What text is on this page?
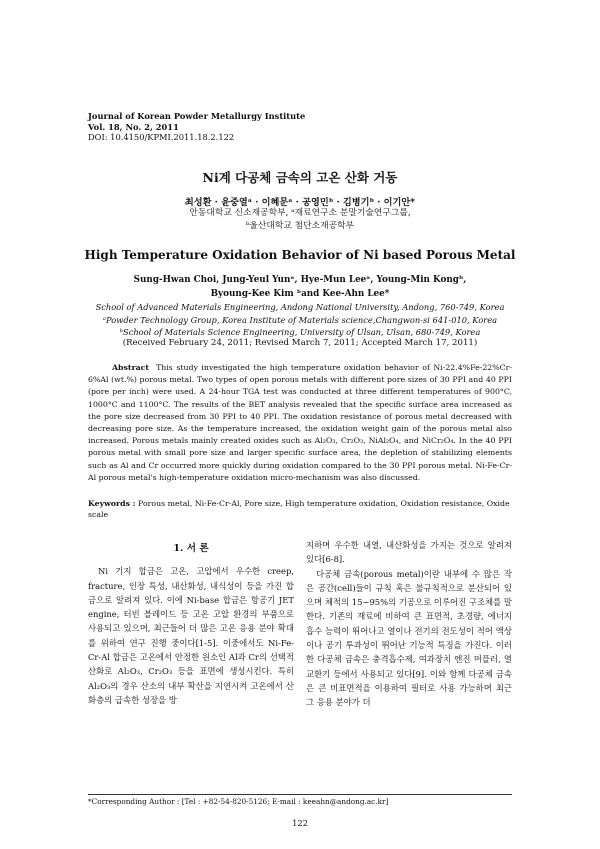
Journal of Korean Powder Metallurgy Institute
Vol. 18, No. 2, 2011
DOI: 10.4150/KPMI.2011.18.2.122
Ni계 다공체 금속의 고온 산화 거동
최성환 · 윤중열ᵃ · 이혜문ᵃ · 공영민ᵇ · 김병기ᵇ · 이기안*
안동대학교 신소재공학부, ᵃ재료연구소 분말기술연구그룹,
ᵇ울산대학교 첨단소재공학부
High Temperature Oxidation Behavior of Ni based Porous Metal
Sung-Hwan Choi, Jung-Yeul Yunᵃ, Hye-Mun Leeᵃ, Young-Min Kongᵇ,
Byoung-Kee Kim ᵇand Kee-Ahn Lee*
School of Advanced Materials Engineering, Andong National University, Andong, 760-749, Korea
ᵃPowder Technology Group, Korea Institute of Materials science,Changwon-si 641-010, Korea
ᵇSchool of Materials Science Engineering, University of Ulsan, Ulsan, 680-749, Korea
(Received February 24, 2011; Revised March 7, 2011; Accepted March 17, 2011)
Abstract This study investigated the high temperature oxidation behavior of Ni-22.4%Fe-22%Cr-6%Al (wt.%) porous metal. Two types of open porous metals with different pore sizes of 30 PPI and 40 PPI (pore per inch) were used. A 24-hour TGA test was conducted at three different temperatures of 900°C, 1000°C and 1100°C. The results of the BET analysis revealed that the specific surface area increased as the pore size decreased from 30 PPI to 40 PPI. The oxidation resistance of porous metal decreased with decreasing pore size. As the temperature increased, the oxidation weight gain of the porous metal also increased. Porous metals mainly created oxides such as Al₂O₃, Cr₂O₃, NiAl₂O₄, and NiCr₂O₄. In the 40 PPI porous metal with small pore size and larger specific surface area, the depletion of stabilizing elements such as Al and Cr occurred more quickly during oxidation compared to the 30 PPI porous metal. Ni-Fe-Cr-Al porous metal's high-temperature oxidation micro-mechanism was also discussed.
Keywords : Porous metal, Ni-Fe-Cr-Al, Pore size, High temperature oxidation, Oxidation resistance, Oxide scale
1. 서 론

Ni 기지 합금은 고온, 고압에서 우수한 creep, fracture, 인장 특성, 내산화성, 내식성이 등을 가진 합금으로 알려져 있다. 이에 Ni-base 합금은 항공기 JET engine, 터빈 블레이드 등 고온 고압 환경의 부품으로 사용되고 있으며, 최근들어 더 많은 고온 응용 분야 확대를 위하여 연구 진행 중이다[1-5]. 이중에서도 Ni-Fe-Cr-Al 합금은 고온에서 안정한 원소인 Al과 Cr의 선택적 산화로 Al₂O₃, Cr₂O₃ 등을 표면에 생성시킨다. 특히 Al₂O₃의 경우 산소의 내부 확산을 지연시켜 고온에서 산화층의 급속한 성장을 방

지하며 우수한 내열, 내산화성을 가지는 것으로 알려져 있다[6-8].

다공체 금속(porous metal)이란 내부에 수 많은 작은 공간(cell)들이 규칙 혹은 불규칙적으로 분산되어 있으며 체적의 15~95%의 기공으로 이루어진 구조체를 말한다. 기존의 재료에 비하여 큰 표면적, 초경량, 에너지 흡수 능력이 뛰어나고 열이나 전기의 전도성이 적어 액상이나 공기 투과성이 뛰어난 기능적 특징을 가진다. 이러한 다공체 금속은 충격흡수제, 여과장치 엔진 머플러, 열 교환기 등에서 사용되고 있다[9]. 이와 함께 다공체 금속은 큰 비표면적을 이용하여 필터로 사용 가능하며 최근 그 응용 분야가 더

*Corresponding Author : [Tel : +82-54-820-5126; E-mail : keeahn@andong.ac.kr]
122
